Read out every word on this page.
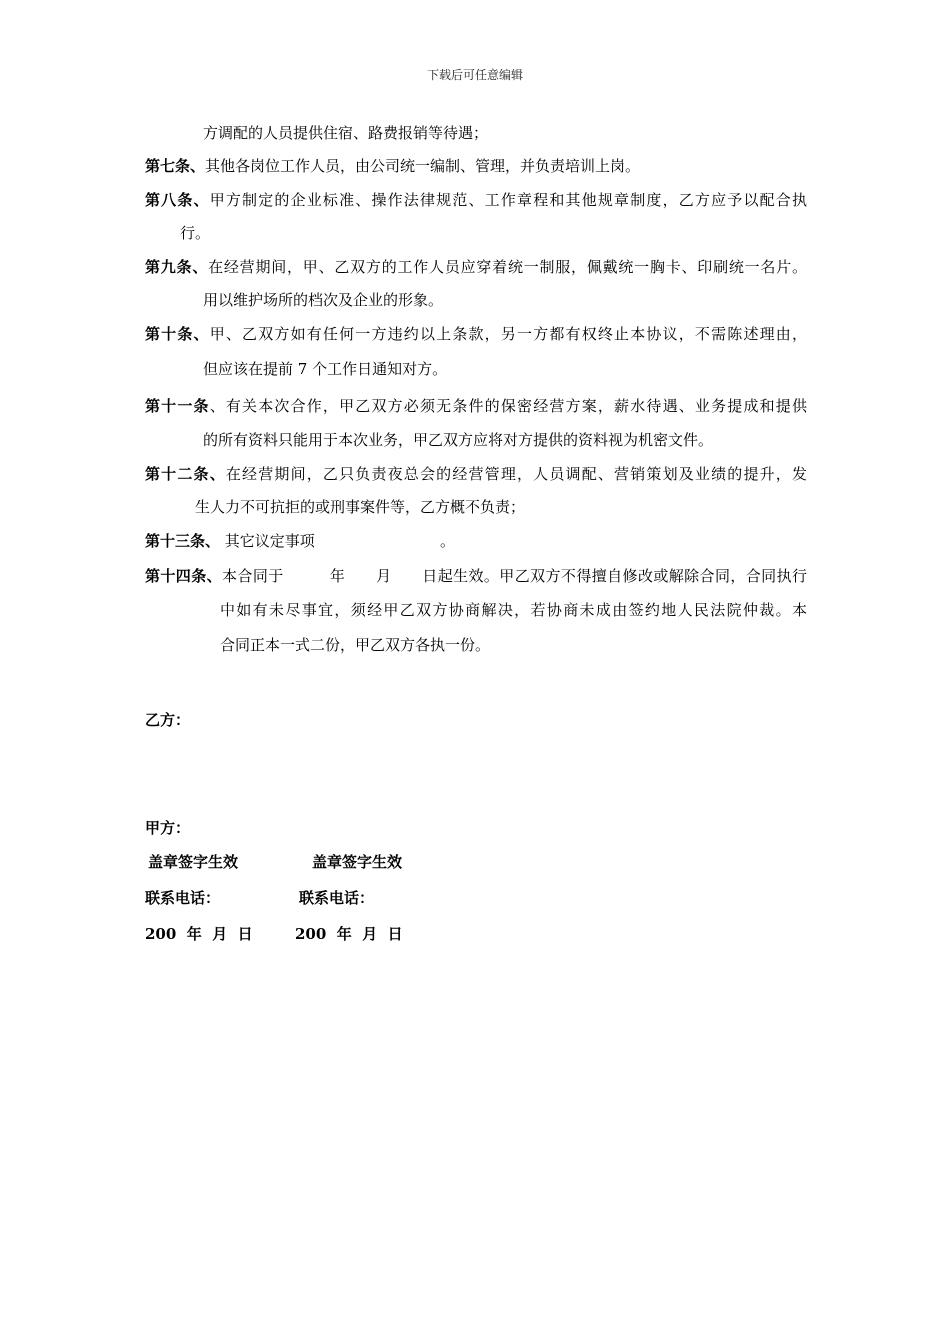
下载后可任意编辑
方调配的人员提供住宿、路费报销等待遇；
第七条、其他各岗位工作人员，由公司统一编制、管理，并负责培训上岗。
第八条、甲方制定的企业标准、操作法律规范、工作章程和其他规章制度，乙方应予以配合执
行。
第九条、在经营期间，甲、乙双方的工作人员应穿着统一制服，佩戴统一胸卡、印刷统一名片。
用以维护场所的档次及企业的形象。
第十条、甲、乙双方如有任何一方违约以上条款，另一方都有权终止本协议，不需陈述理由，
但应该在提前 7 个工作日通知对方。
第十一条、有关本次合作，甲乙双方必须无条件的保密经营方案，薪水待遇、业务提成和提供
的所有资料只能用于本次业务，甲乙双方应将对方提供的资料视为机密文件。
第十二条、在经营期间，乙只负责夜总会的经营管理，人员调配、营销策划及业绩的提升，发
生人力不可抗拒的或刑事案件等，乙方概不负责；
第十三条、 其它议定事项	。
第十四条、本合同于　　　年　　月　　日起生效。甲乙双方不得擅自修改或解除合同，合同执行
中如有未尽事宜，须经甲乙双方协商解决，若协商未成由签约地人民法院仲裁。本
合同正本一式二份，甲乙双方各执一份。
乙方：
甲方：
盖章签字生效	盖章签字生效
联系电话：	联系电话：
200  年  月  日	200  年  月  日
